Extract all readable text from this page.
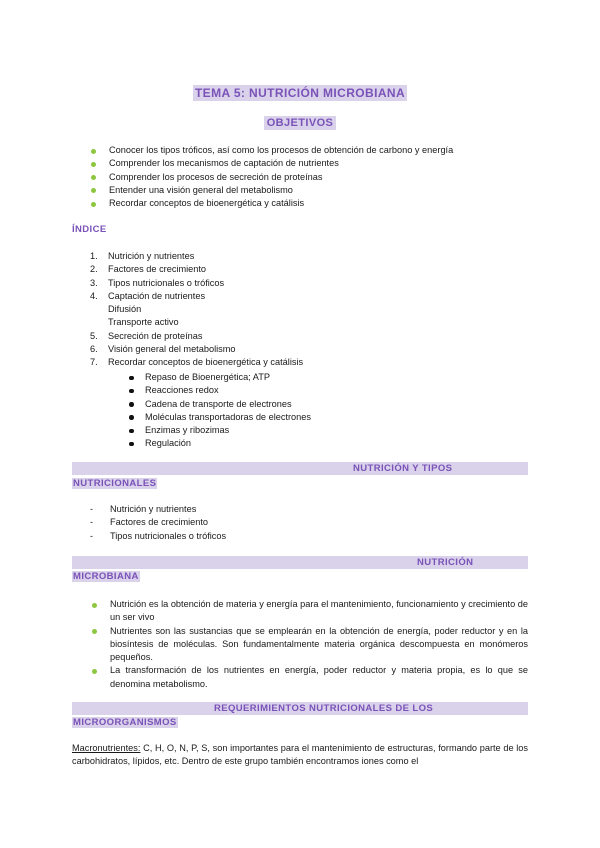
TEMA 5: NUTRICIÓN MICROBIANA
OBJETIVOS
Conocer los tipos tróficos, así como los procesos de obtención de carbono y energía
Comprender los mecanismos de captación de nutrientes
Comprender los procesos de secreción de proteínas
Entender una visión general del metabolismo
Recordar conceptos de bioenergética y catálisis
ÍNDICE
1.	Nutrición y nutrientes
2.	Factores de crecimiento
3.	Tipos nutricionales o tróficos
4.	Captación de nutrientes
Difusión
Transporte activo
5.	Secreción de proteínas
6.	Visión general del metabolismo
7.	Recordar conceptos de bioenergética y catálisis
Repaso de Bioenergética; ATP
Reacciones redox
Cadena de transporte de electrones
Moléculas transportadoras de electrones
Enzimas y ribozimas
Regulación
NUTRICIÓN Y TIPOS
NUTRICIONALES
- Nutrición y nutrientes
- Factores de crecimiento
- Tipos nutricionales o tróficos
NUTRICIÓN
MICROBIANA
Nutrición es la obtención de materia y energía para el mantenimiento, funcionamiento y crecimiento de un ser vivo
Nutrientes son las sustancias que se emplearán en la obtención de energía, poder reductor y en la biosíntesis de moléculas. Son fundamentalmente materia orgánica descompuesta en monómeros pequeños.
La transformación de los nutrientes en energía, poder reductor y materia propia, es lo que se denomina metabolismo.
REQUERIMIENTOS NUTRICIONALES DE LOS
MICROORGANISMOS
Macronutrientes: C, H, O, N, P, S, son importantes para el mantenimiento de estructuras, formando parte de los carbohidratos, lípidos, etc. Dentro de este grupo también encontramos iones como el
